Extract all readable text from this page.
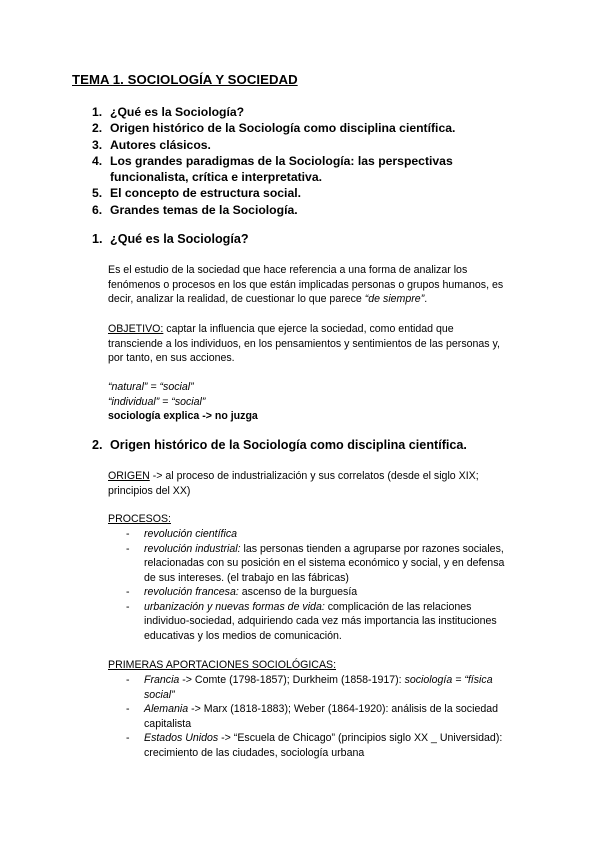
TEMA 1. SOCIOLOGÍA Y SOCIEDAD
1. ¿Qué es la Sociología?
2. Origen histórico de la Sociología como disciplina científica.
3. Autores clásicos.
4. Los grandes paradigmas de la Sociología: las perspectivas funcionalista, crítica e interpretativa.
5. El concepto de estructura social.
6. Grandes temas de la Sociología.
1. ¿Qué es la Sociología?
Es el estudio de la sociedad que hace referencia a una forma de analizar los fenómenos o procesos en los que están implicadas personas o grupos humanos, es decir, analizar la realidad, de cuestionar lo que parece “de siempre”.
OBJETIVO: captar la influencia que ejerce la sociedad, como entidad que transciende a los individuos, en los pensamientos y sentimientos de las personas y, por tanto, en sus acciones.
“natural” = “social”
“individual” = “social”
sociología explica -> no juzga
2. Origen histórico de la Sociología como disciplina científica.
ORIGEN -> al proceso de industrialización y sus correlatos (desde el siglo XIX; principios del XX)
PROCESOS:
- revolución científica
- revolución industrial: las personas tienden a agruparse por razones sociales, relacionadas con su posición en el sistema económico y social, y en defensa de sus intereses. (el trabajo en las fábricas)
- revolución francesa: ascenso de la burguesía
- urbanización y nuevas formas de vida: complicación de las relaciones individuo-sociedad, adquiriendo cada vez más importancia las instituciones educativas y los medios de comunicación.
PRIMERAS APORTACIONES SOCIOLÓGICAS:
- Francia -> Comte (1798-1857); Durkheim (1858-1917): sociología = “física social”
- Alemania -> Marx (1818-1883); Weber (1864-1920): análisis de la sociedad capitalista
- Estados Unidos -> “Escuela de Chicago” (principios siglo XX _ Universidad): crecimiento de las ciudades, sociología urbana
